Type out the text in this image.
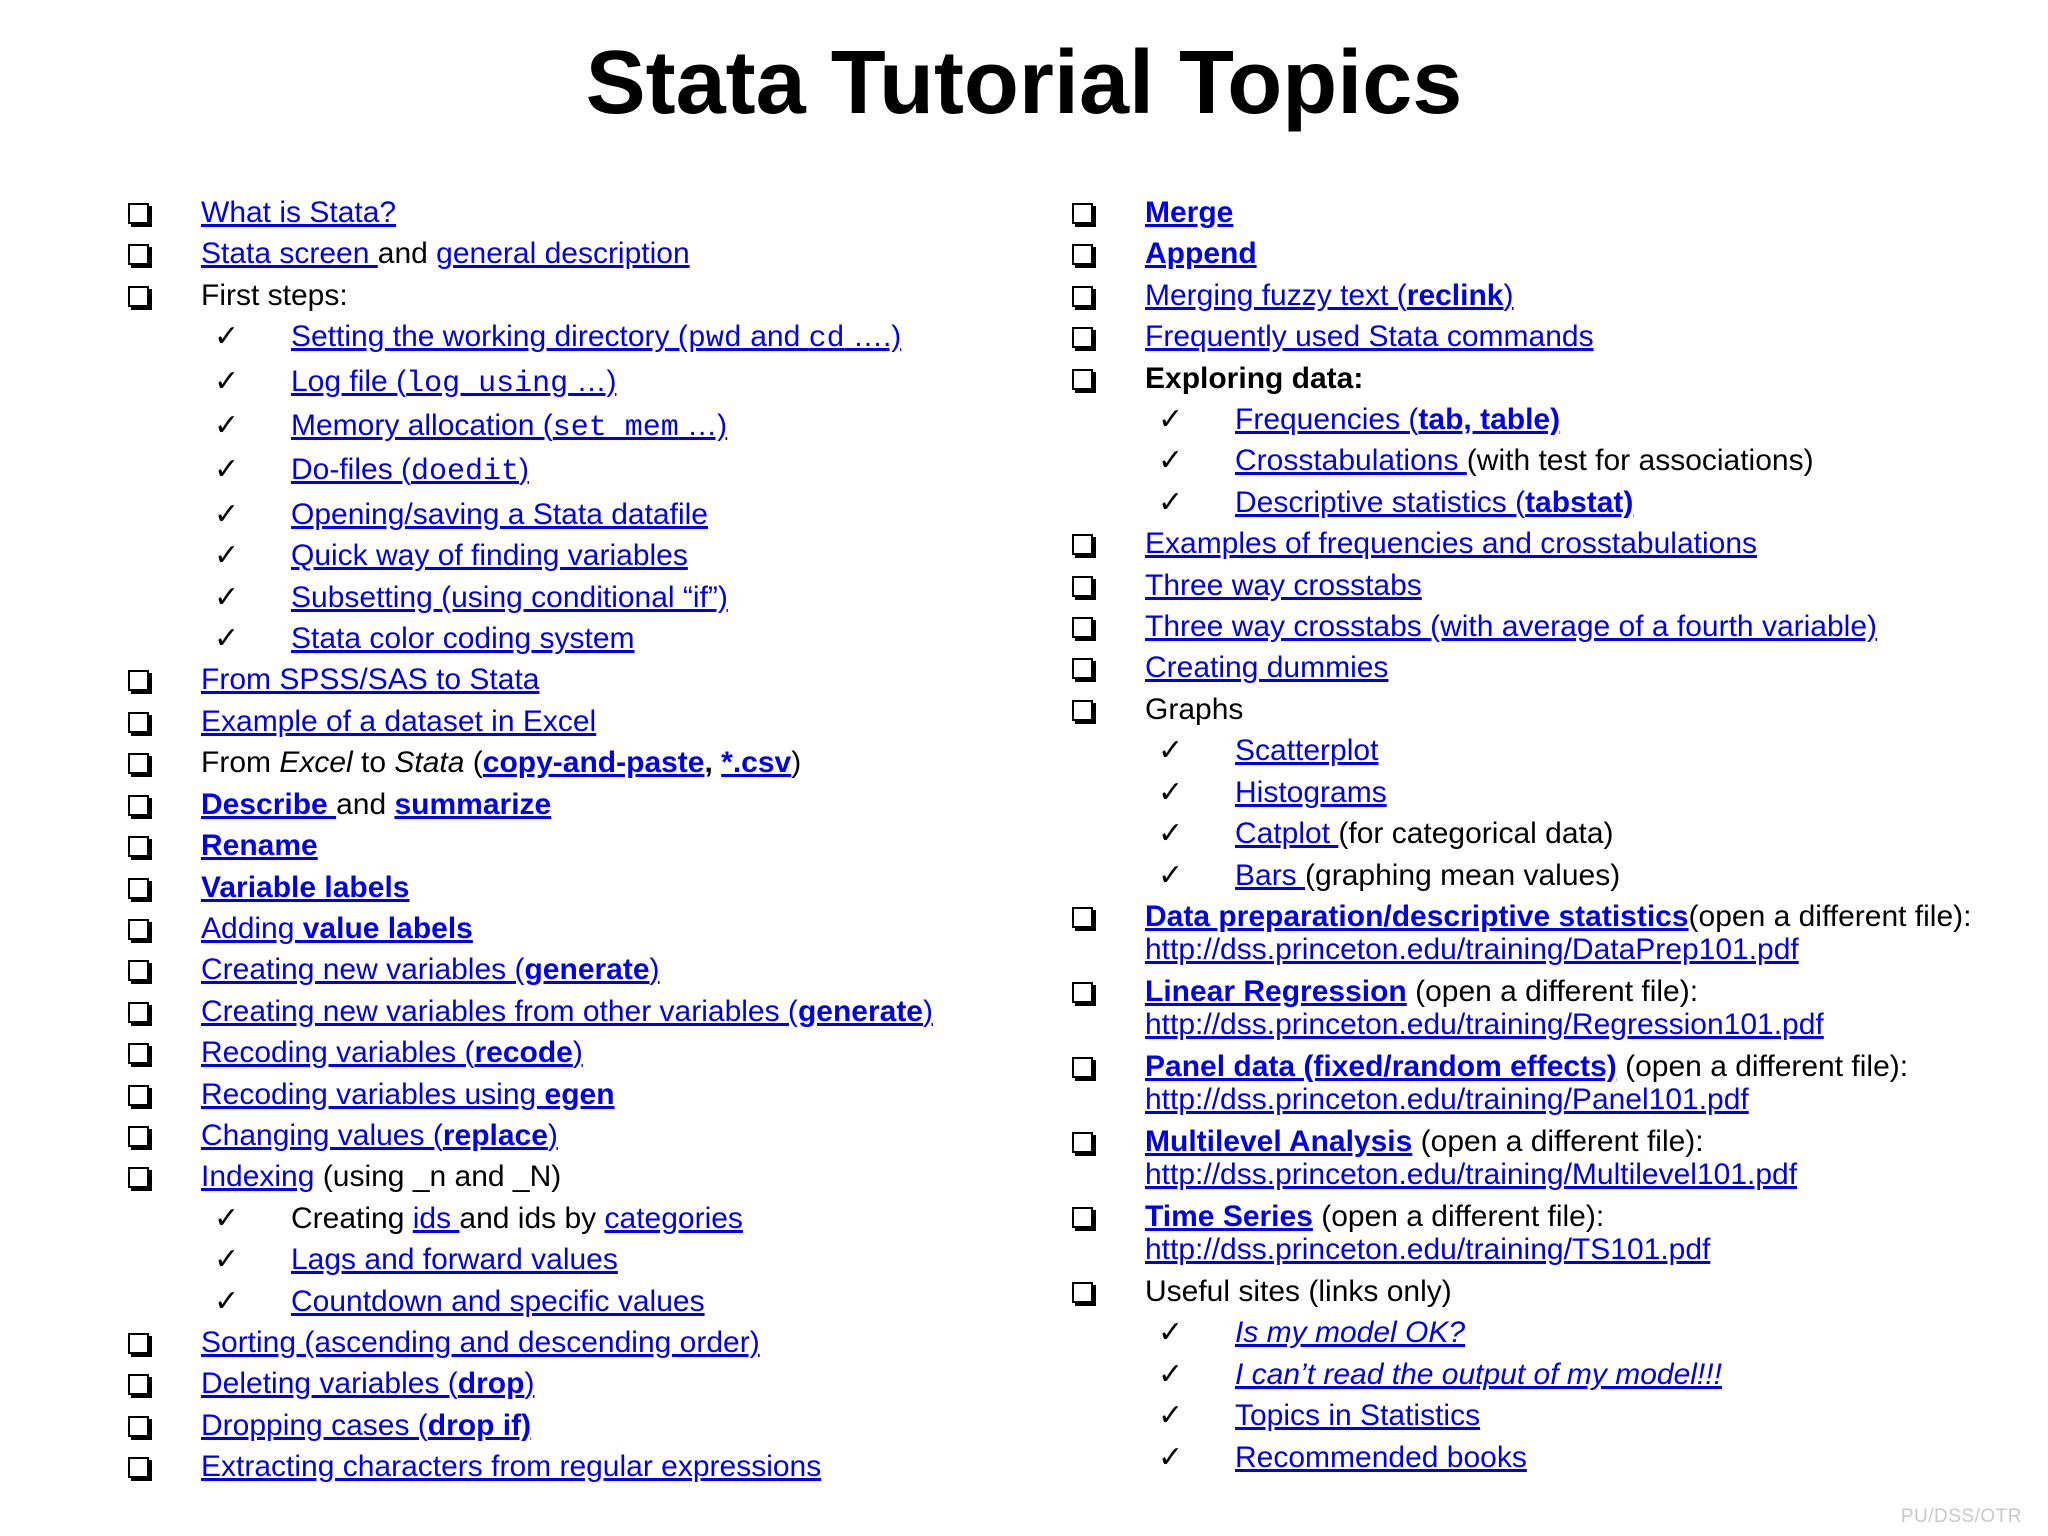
Stata Tutorial Topics
What is Stata?
Stata screen and general description
First steps:
✓ Setting the working directory (pwd and cd ….)
✓ Log file (log using …)
✓ Memory allocation (set mem …)
✓ Do-files (doedit)
✓ Opening/saving a Stata datafile
✓ Quick way of finding variables
✓ Subsetting (using conditional “if”)
✓ Stata color coding system
From SPSS/SAS to Stata
Example of a dataset in Excel
From Excel to Stata (copy-and-paste, *.csv)
Describe and summarize
Rename
Variable labels
Adding value labels
Creating new variables (generate)
Creating new variables from other variables (generate)
Recoding variables (recode)
Recoding variables using egen
Changing values (replace)
Indexing (using _n and _N)
✓ Creating ids and ids by categories
✓ Lags and forward values
✓ Countdown and specific values
Sorting (ascending and descending order)
Deleting variables (drop)
Dropping cases (drop if)
Extracting characters from regular expressions
Merge
Append
Merging fuzzy text (reclink)
Frequently used Stata commands
Exploring data:
✓ Frequencies (tab, table)
✓ Crosstabulations (with test for associations)
✓ Descriptive statistics (tabstat)
Examples of frequencies and crosstabulations
Three way crosstabs
Three way crosstabs (with average of a fourth variable)
Creating dummies
Graphs
✓ Scatterplot
✓ Histograms
✓ Catplot (for categorical data)
✓ Bars (graphing mean values)
Data preparation/descriptive statistics(open a different file): http://dss.princeton.edu/training/DataPrep101.pdf
Linear Regression (open a different file): http://dss.princeton.edu/training/Regression101.pdf
Panel data (fixed/random effects) (open a different file): http://dss.princeton.edu/training/Panel101.pdf
Multilevel Analysis (open a different file): http://dss.princeton.edu/training/Multilevel101.pdf
Time Series (open a different file): http://dss.princeton.edu/training/TS101.pdf
Useful sites (links only)
✓ Is my model OK?
✓ I can’t read the output of my model!!!
✓ Topics in Statistics
✓ Recommended books
PU/DSS/OTR
